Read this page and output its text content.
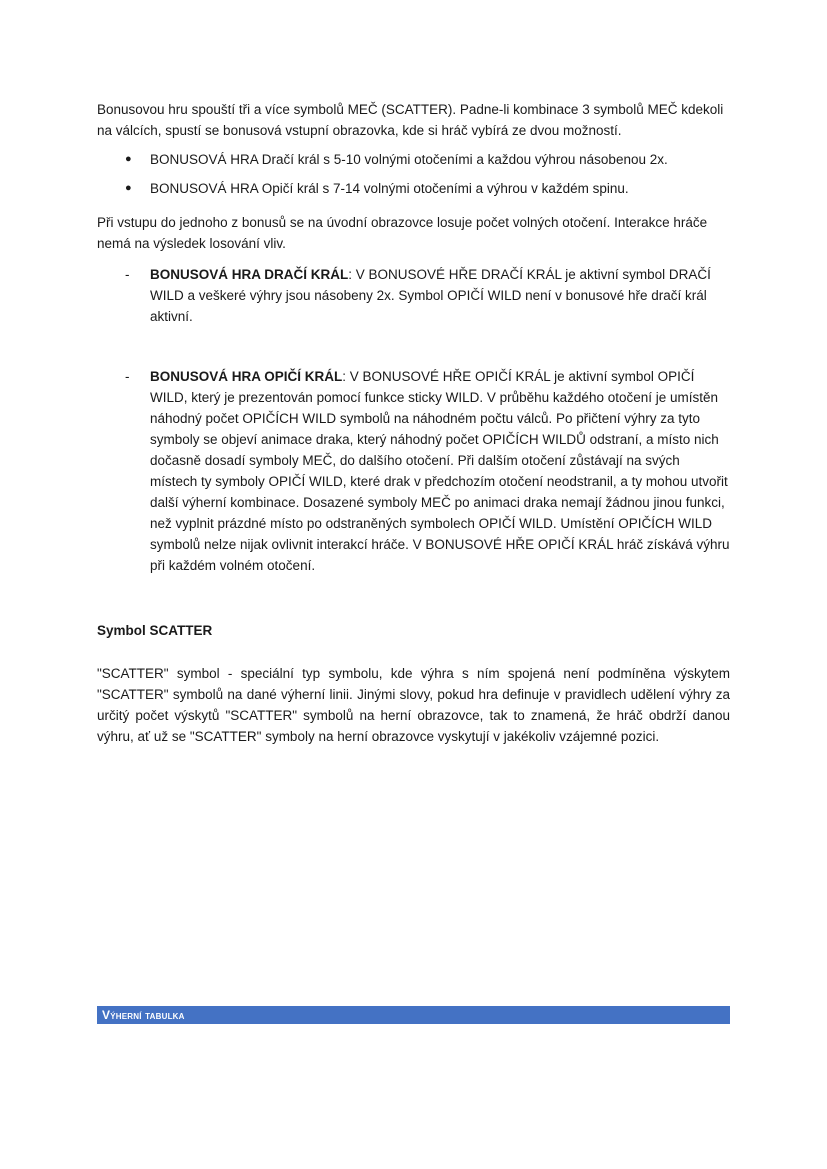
Bonusovou hru spouští tři a více symbolů MEČ (SCATTER). Padne-li kombinace 3 symbolů MEČ kdekoli na válcích, spustí se bonusová vstupní obrazovka, kde si hráč vybírá ze dvou možností.

● BONUSOVÁ HRA Dračí král s 5-10 volnými otočeními a každou výhrou násobenou 2x.
● BONUSOVÁ HRA Opičí král s 7-14 volnými otočeními a výhrou v každém spinu.

Při vstupu do jednoho z bonusů se na úvodní obrazovce losuje počet volných otočení. Interakce hráče nemá na výsledek losování vliv.

- BONUSOVÁ HRA DRAČÍ KRÁL: V BONUSOVÉ HŘE DRAČÍ KRÁL je aktivní symbol DRAČÍ WILD a veškeré výhry jsou násobeny 2x. Symbol OPIČÍ WILD není v bonusové hře dračí král aktivní.
- BONUSOVÁ HRA OPIČÍ KRÁL: V BONUSOVÉ HŘE OPIČÍ KRÁL je aktivní symbol OPIČÍ WILD, který je prezentován pomocí funkce sticky WILD. V průběhu každého otočení je umístěn náhodný počet OPIČÍCH WILD symbolů na náhodném počtu válců. Po přičtení výhry za tyto symboly se objeví animace draka, který náhodný počet OPIČÍCH WILDŮ odstraní, a místo nich dočasně dosadí symboly MEČ, do dalšího otočení. Při dalším otočení zůstávají na svých místech ty symboly OPIČÍ WILD, které drak v předchozím otočení neodstranil, a ty mohou utvořit další výherní kombinace. Dosazené symboly MEČ po animaci draka nemají žádnou jinou funkci, než vyplnit prázdné místo po odstraněných symbolech OPIČÍ WILD. Umístění OPIČÍCH WILD symbolů nelze nijak ovlivnit interakcí hráče. V BONUSOVÉ HŘE OPIČÍ KRÁL hráč získává výhru při každém volném otočení.

Symbol SCATTER

"SCATTER" symbol - speciální typ symbolu, kde výhra s ním spojená není podmíněna výskytem "SCATTER" symbolů na dané výherní linii. Jinými slovy, pokud hra definuje v pravidlech udělení výhry za určitý počet výskytů "SCATTER" symbolů na herní obrazovce, tak to znamená, že hráč obdrží danou výhru, ať už se "SCATTER" symboly na herní obrazovce vyskytují v jakékoliv vzájemné pozici.

Výherní tabulka
